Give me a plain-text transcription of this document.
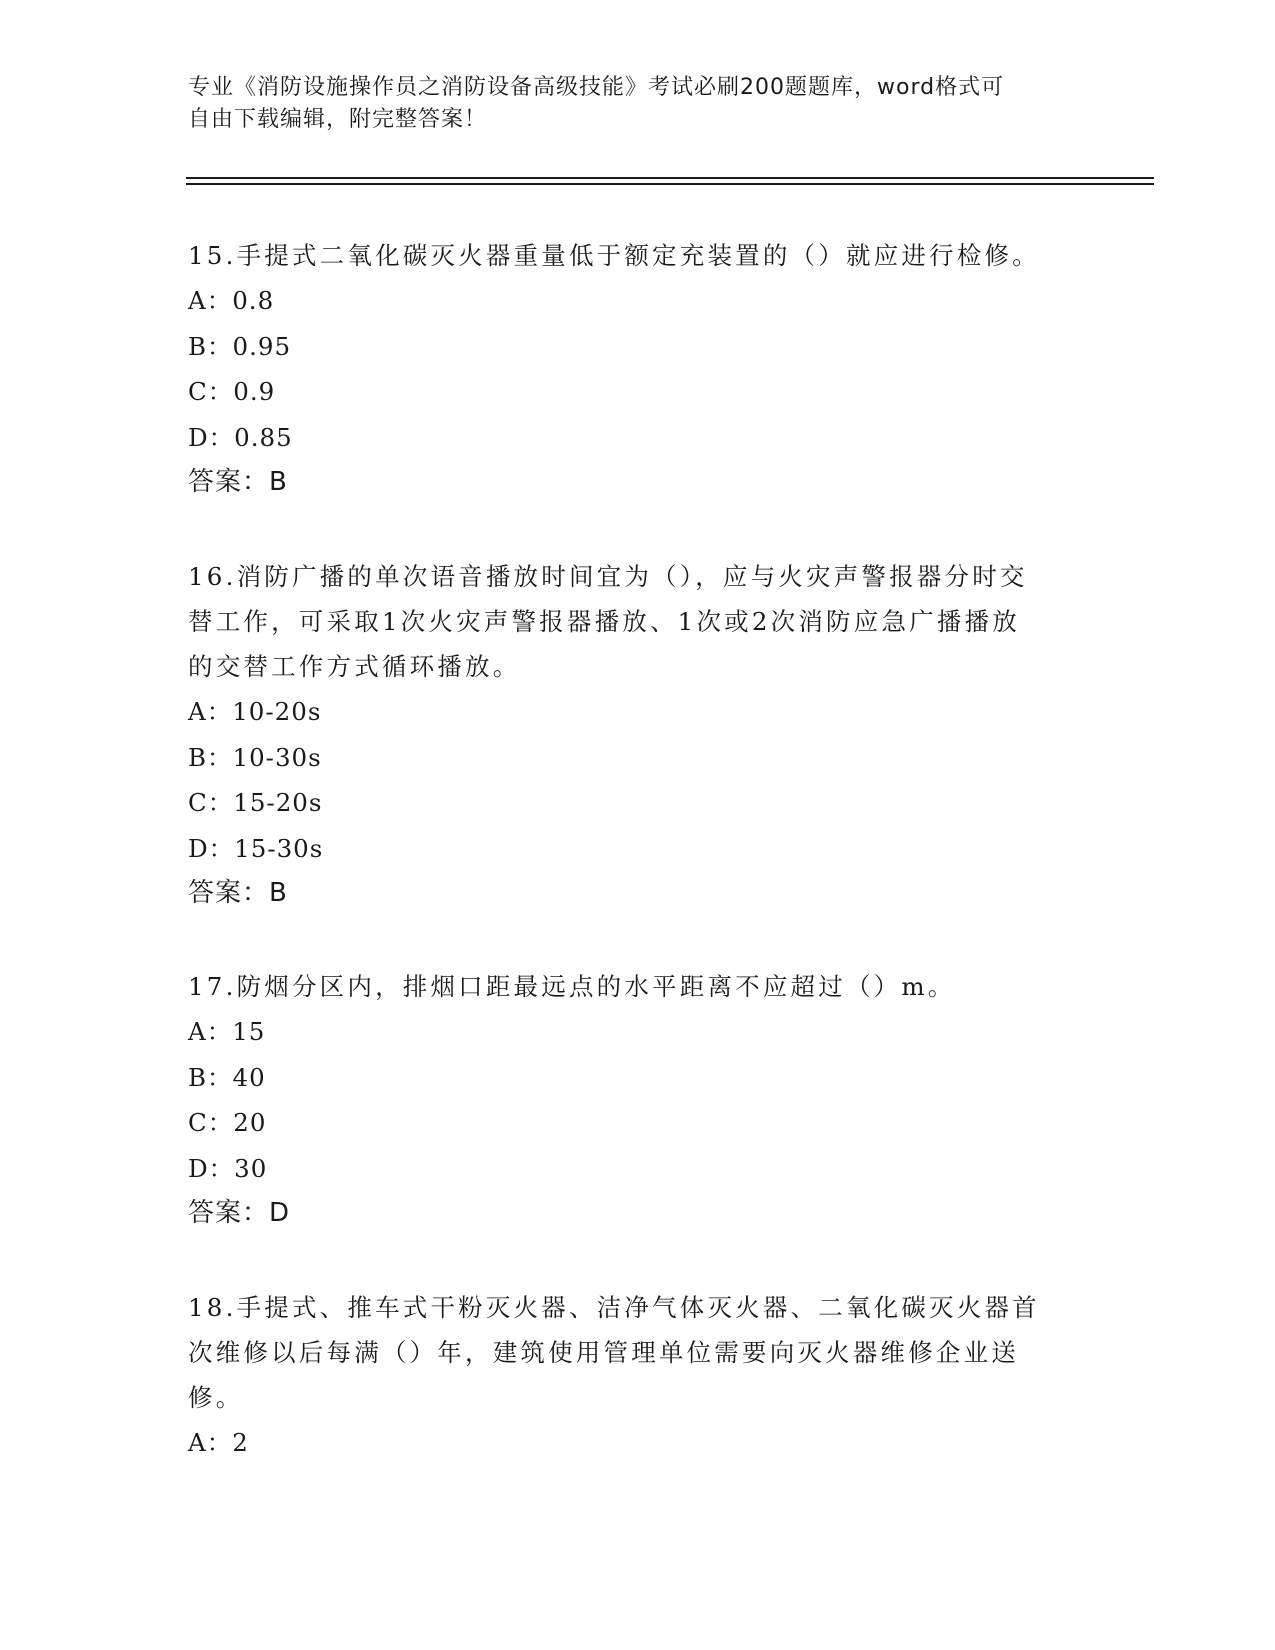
专业《消防设施操作员之消防设备高级技能》考试必刷200题题库，word格式可
自由下载编辑，附完整答案！

15.手提式二氧化碳灭火器重量低于额定充装置的（）就应进行检修。

A：0.8

B：0.95

C：0.9

D：0.85

答案：B

16.消防广播的单次语音播放时间宜为（），应与火灾声警报器分时交

替工作，可采取1次火灾声警报器播放、1次或2次消防应急广播播放

的交替工作方式循环播放。

A：10-20s

B：10-30s

C：15-20s

D：15-30s

答案：B

17.防烟分区内，排烟口距最远点的水平距离不应超过（）m。

A：15

B：40

C：20

D：30

答案：D

18.手提式、推车式干粉灭火器、洁净气体灭火器、二氧化碳灭火器首

次维修以后每满（）年，建筑使用管理单位需要向灭火器维修企业送

修。

A：2
